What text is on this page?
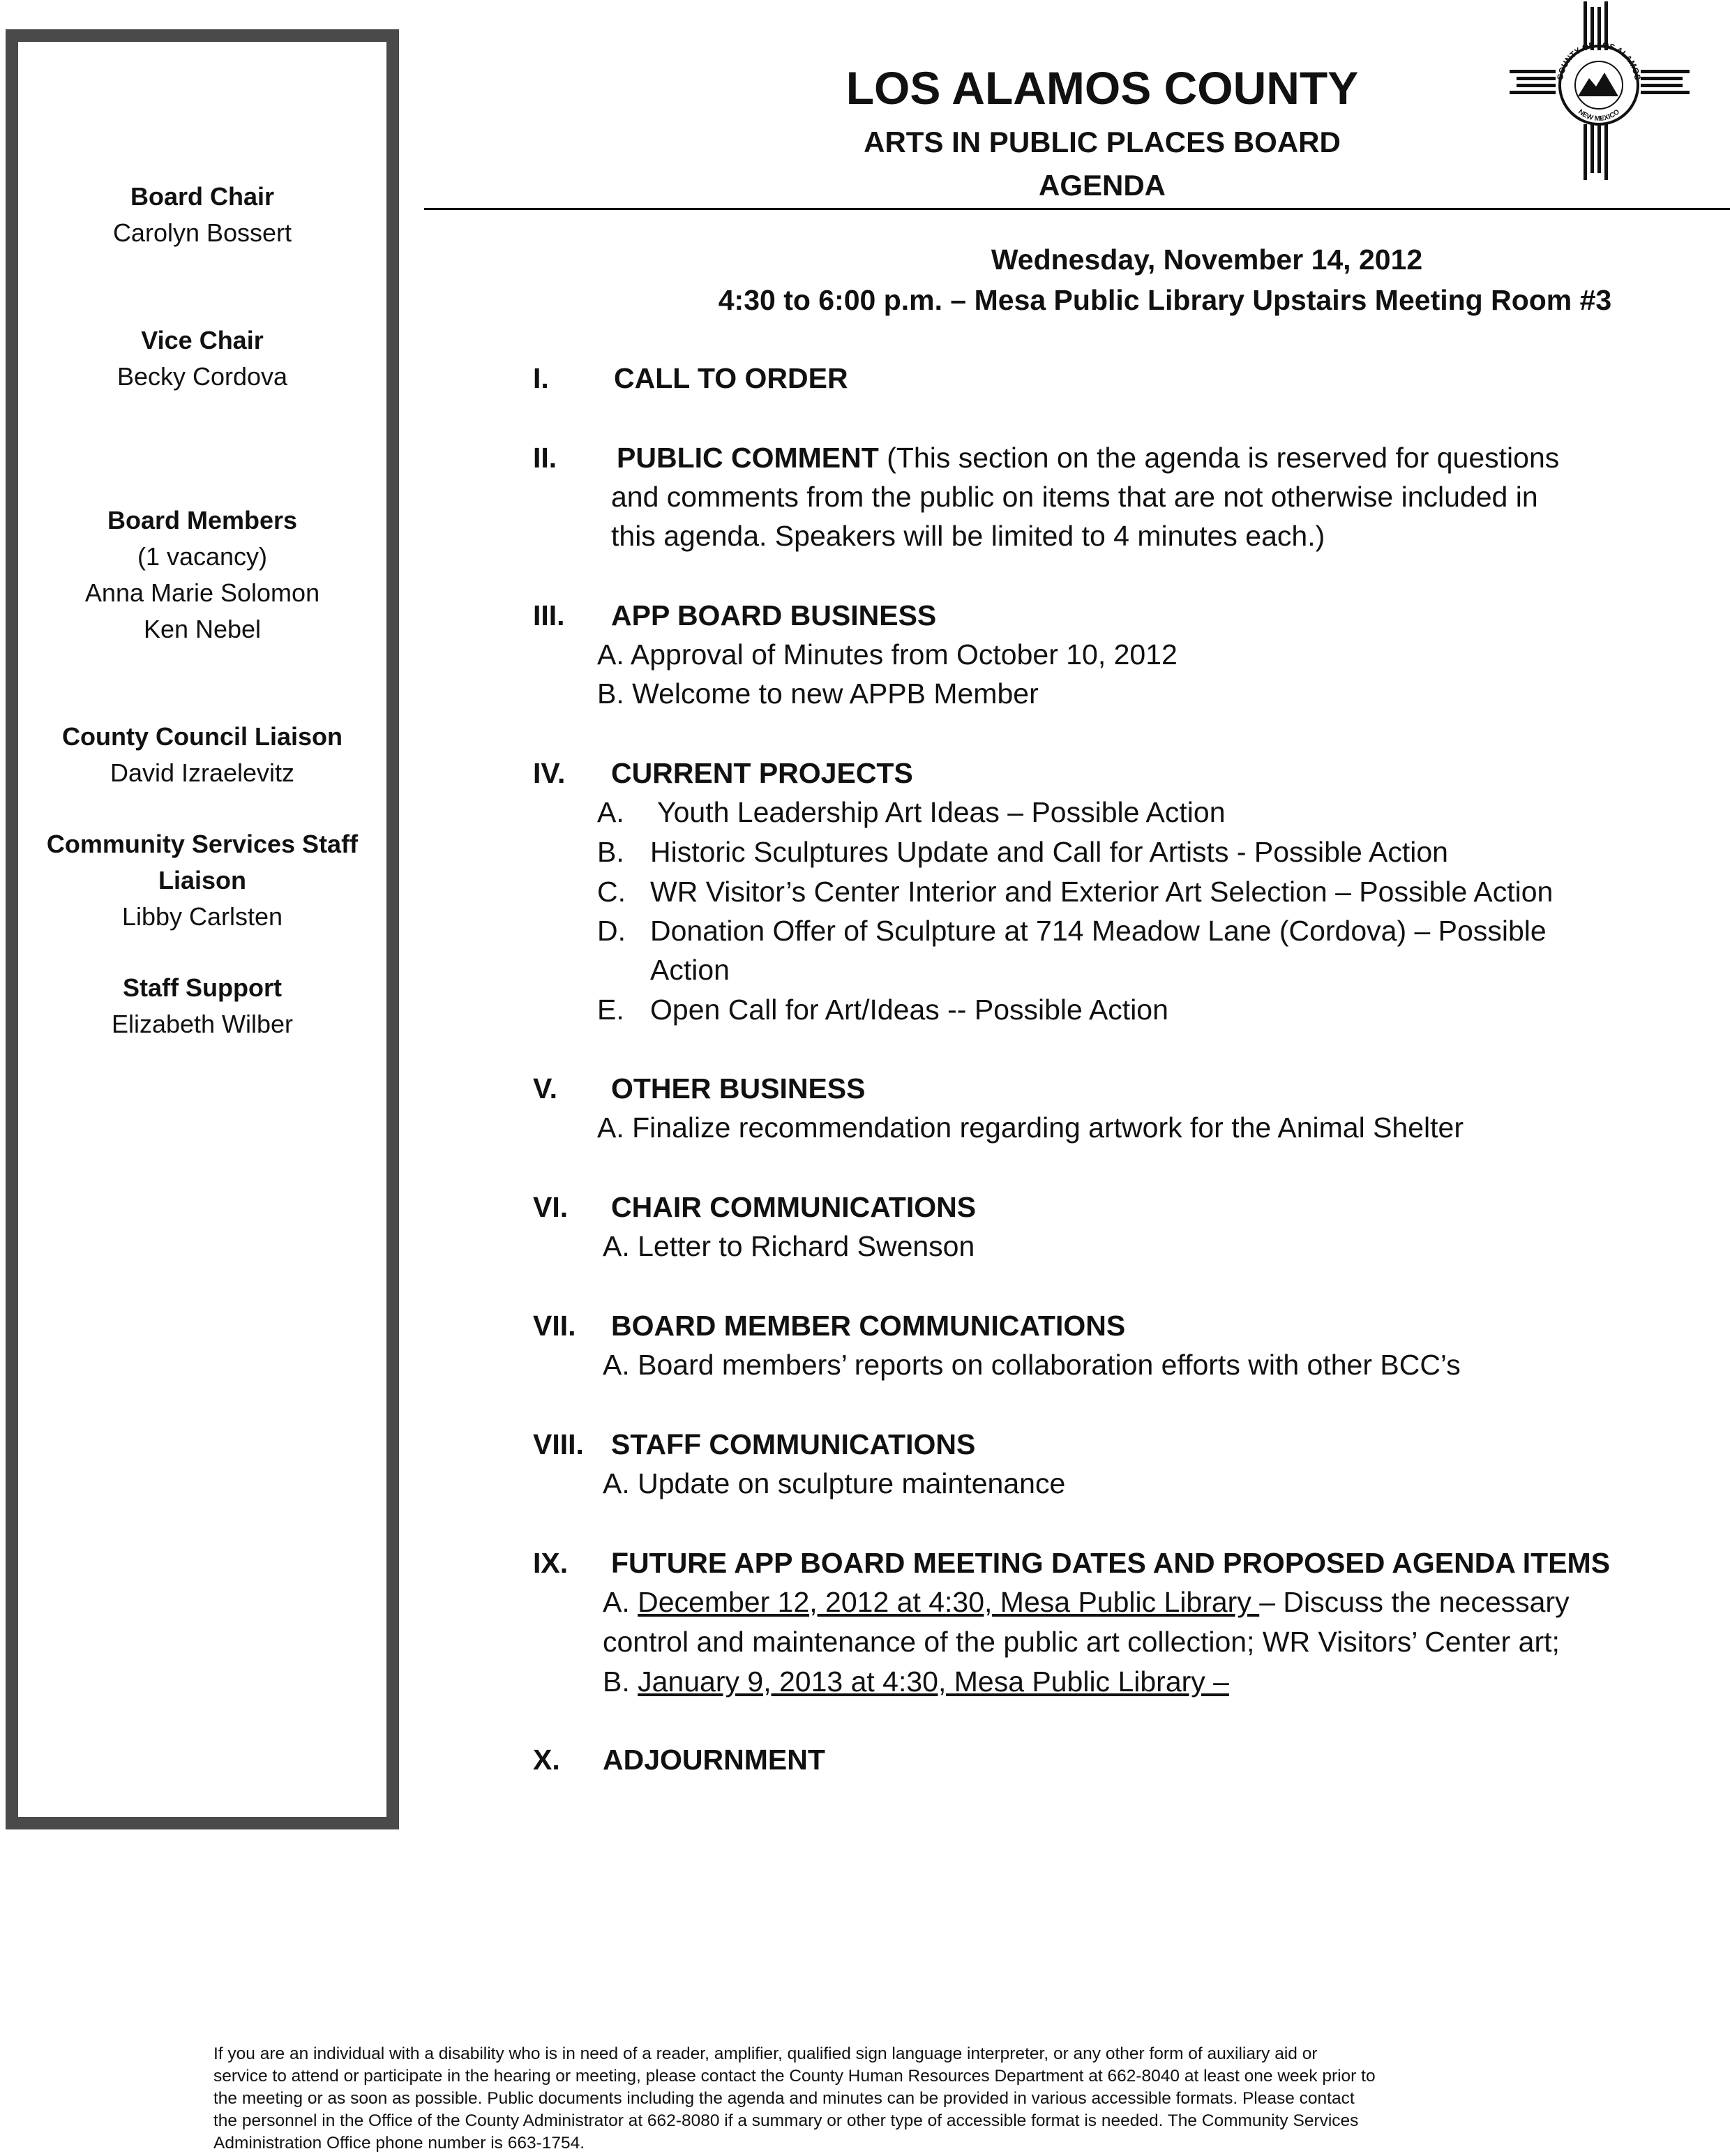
Board Chair
Carolyn Bossert
Vice Chair
Becky Cordova
Board Members
(1 vacancy)
Anna Marie Solomon
Ken Nebel
County Council Liaison
David Izraelevitz
Community Services Staff
Liaison
Libby Carlsten
Staff Support
Elizabeth Wilber
LOS ALAMOS COUNTY
ARTS IN PUBLIC PLACES BOARD
AGENDA
Wednesday, November 14, 2012
4:30 to 6:00 p.m. – Mesa Public Library Upstairs Meeting Room #3
COUNTY OF LOS ALAMOS
NEW MEXICO
I. CALL TO ORDER
II. PUBLIC COMMENT (This section on the agenda is reserved for questions
and comments from the public on items that are not otherwise included in
this agenda. Speakers will be limited to 4 minutes each.)
III. APP BOARD BUSINESS
A. Approval of Minutes from October 10, 2012
B. Welcome to new APPB Member
IV. CURRENT PROJECTS
A. Youth Leadership Art Ideas – Possible Action
B. Historic Sculptures Update and Call for Artists - Possible Action
C. WR Visitor’s Center Interior and Exterior Art Selection – Possible Action
D. Donation Offer of Sculpture at 714 Meadow Lane (Cordova) – Possible
Action
E. Open Call for Art/Ideas -- Possible Action
V. OTHER BUSINESS
A. Finalize recommendation regarding artwork for the Animal Shelter
VI. CHAIR COMMUNICATIONS
A. Letter to Richard Swenson
VII. BOARD MEMBER COMMUNICATIONS
A. Board members’ reports on collaboration efforts with other BCC’s
VIII. STAFF COMMUNICATIONS
A. Update on sculpture maintenance
IX. FUTURE APP BOARD MEETING DATES AND PROPOSED AGENDA ITEMS
A. December 12, 2012 at 4:30, Mesa Public Library – Discuss the necessary
control and maintenance of the public art collection; WR Visitors’ Center art;
B. January 9, 2013 at 4:30, Mesa Public Library –
X. ADJOURNMENT
If you are an individual with a disability who is in need of a reader, amplifier, qualified sign language interpreter, or any other form of auxiliary aid or
service to attend or participate in the hearing or meeting, please contact the County Human Resources Department at 662-8040 at least one week prior to
the meeting or as soon as possible. Public documents including the agenda and minutes can be provided in various accessible formats. Please contact
the personnel in the Office of the County Administrator at 662-8080 if a summary or other type of accessible format is needed. The Community Services
Administration Office phone number is 663-1754.
